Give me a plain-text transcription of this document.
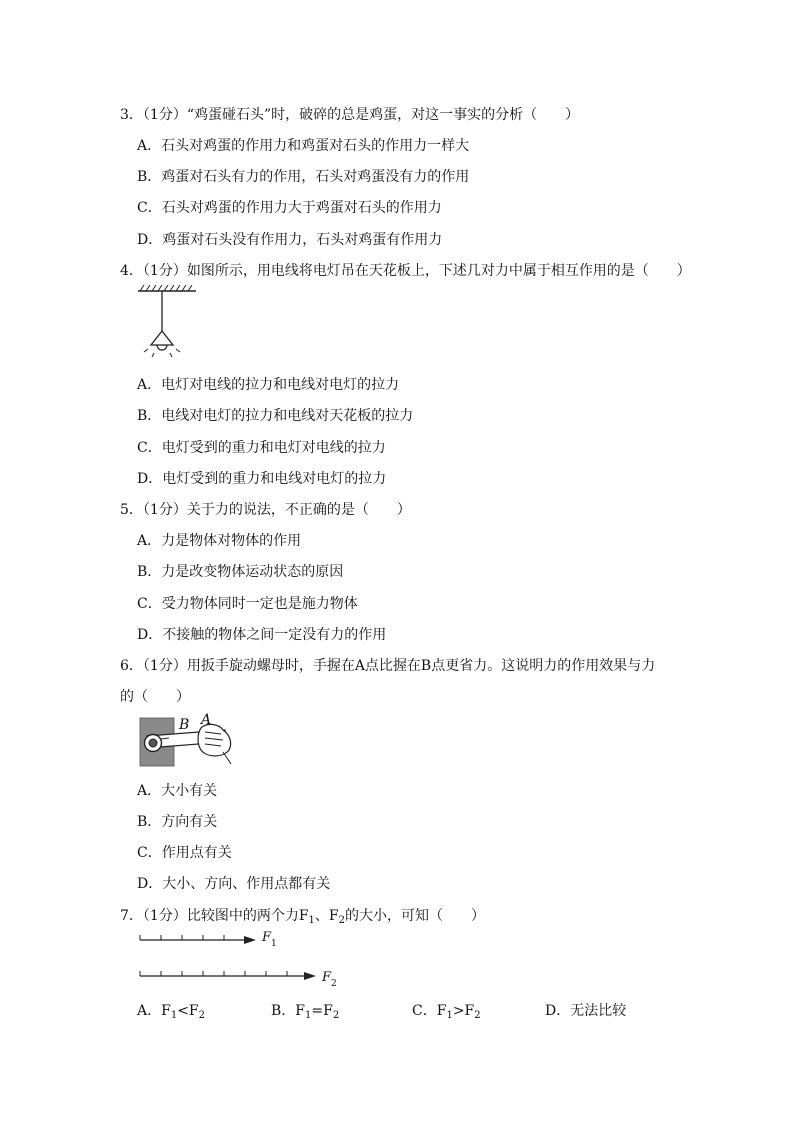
3．（1分）“鸡蛋碰石头”时，破碎的总是鸡蛋，对这一事实的分析（　　）
A．石头对鸡蛋的作用力和鸡蛋对石头的作用力一样大
B．鸡蛋对石头有力的作用，石头对鸡蛋没有力的作用
C．石头对鸡蛋的作用力大于鸡蛋对石头的作用力
D．鸡蛋对石头没有作用力，石头对鸡蛋有作用力
4．（1分）如图所示，用电线将电灯吊在天花板上，下述几对力中属于相互作用的是（　　）
A．电灯对电线的拉力和电线对电灯的拉力
B．电线对电灯的拉力和电线对天花板的拉力
C．电灯受到的重力和电灯对电线的拉力
D．电灯受到的重力和电线对电灯的拉力
5．（1分）关于力的说法，不正确的是（　　）
A．力是物体对物体的作用
B．力是改变物体运动状态的原因
C．受力物体同时一定也是施力物体
D．不接触的物体之间一定没有力的作用
6．（1分）用扳手旋动螺母时，手握在A点比握在B点更省力。这说明力的作用效果与力
的（　　）
B A
A．大小有关
B．方向有关
C．作用点有关
D．大小、方向、作用点都有关
7．（1分）比较图中的两个力$F_1$、$F_2$的大小，可知（　　）
F 1
F 2
A．$F_1<F_2$	B．$F_1=F_2$	C．$F_1>F_2$	D．无法比较
